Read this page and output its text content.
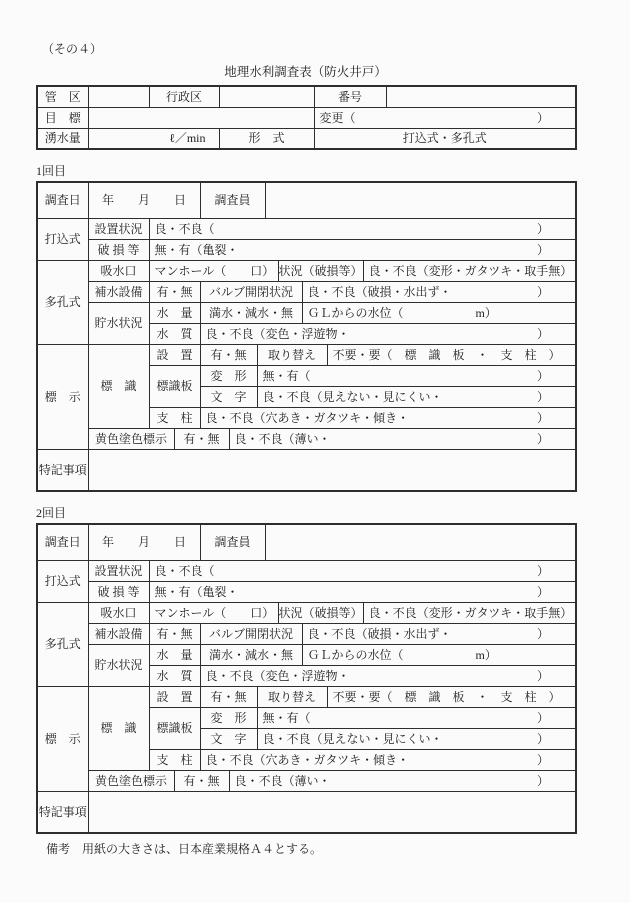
（その４）
地理水利調査表（防火井戸）
管　区		行政区		番号	
目　標				変更（ ）	

湧水量	ℓ／min		形　式	打込式・多孔式	
1回目
調査日	年　　月　　日			調査員							
打込式	設置状況	良・不良（ ）									

	破 損 等	無・有（亀裂・ ）									

多孔式	吸水口	マンホール（　　口）						状況（破損等）			良・不良（変形・ガタツキ・取手無）
	補水設備	有・無		バルブ開閉状況					良・不良（破損・水出ず・ ）		

	貯水状況	水　量		満水・減水・無					ＧＬからの水位（　　　　　　m）		
		水　質		良・不良（変色・浮遊物・ ）							

標　示	標　識	設　置		有・無		取り替え				不要・要（　標　識　板　・　支　柱　）	
		標識板		変　形		無・有（ ）					

				文　字		良・不良（見えない・見にくい・ ）					

		支　柱		良・不良（穴あき・ガタツキ・傾き・ ）							

	黄色塗色標示		有・無		良・不良（薄い・ ）						

特記事項											
2回目
調査日	年　　月　　日			調査員							
打込式	設置状況	良・不良（ ）									

	破 損 等	無・有（亀裂・ ）									

多孔式	吸水口	マンホール（　　口）						状況（破損等）			良・不良（変形・ガタツキ・取手無）
	補水設備	有・無		バルブ開閉状況					良・不良（破損・水出ず・ ）		

	貯水状況	水　量		満水・減水・無					ＧＬからの水位（　　　　　　m）		
		水　質		良・不良（変色・浮遊物・ ）							

標　示	標　識	設　置		有・無		取り替え				不要・要（　標　識　板　・　支　柱　）	
		標識板		変　形		無・有（ ）					

				文　字		良・不良（見えない・見にくい・ ）					

		支　柱		良・不良（穴あき・ガタツキ・傾き・ ）							

	黄色塗色標示		有・無		良・不良（薄い・ ）						

特記事項											
備考　用紙の大きさは、日本産業規格Ａ４とする。
